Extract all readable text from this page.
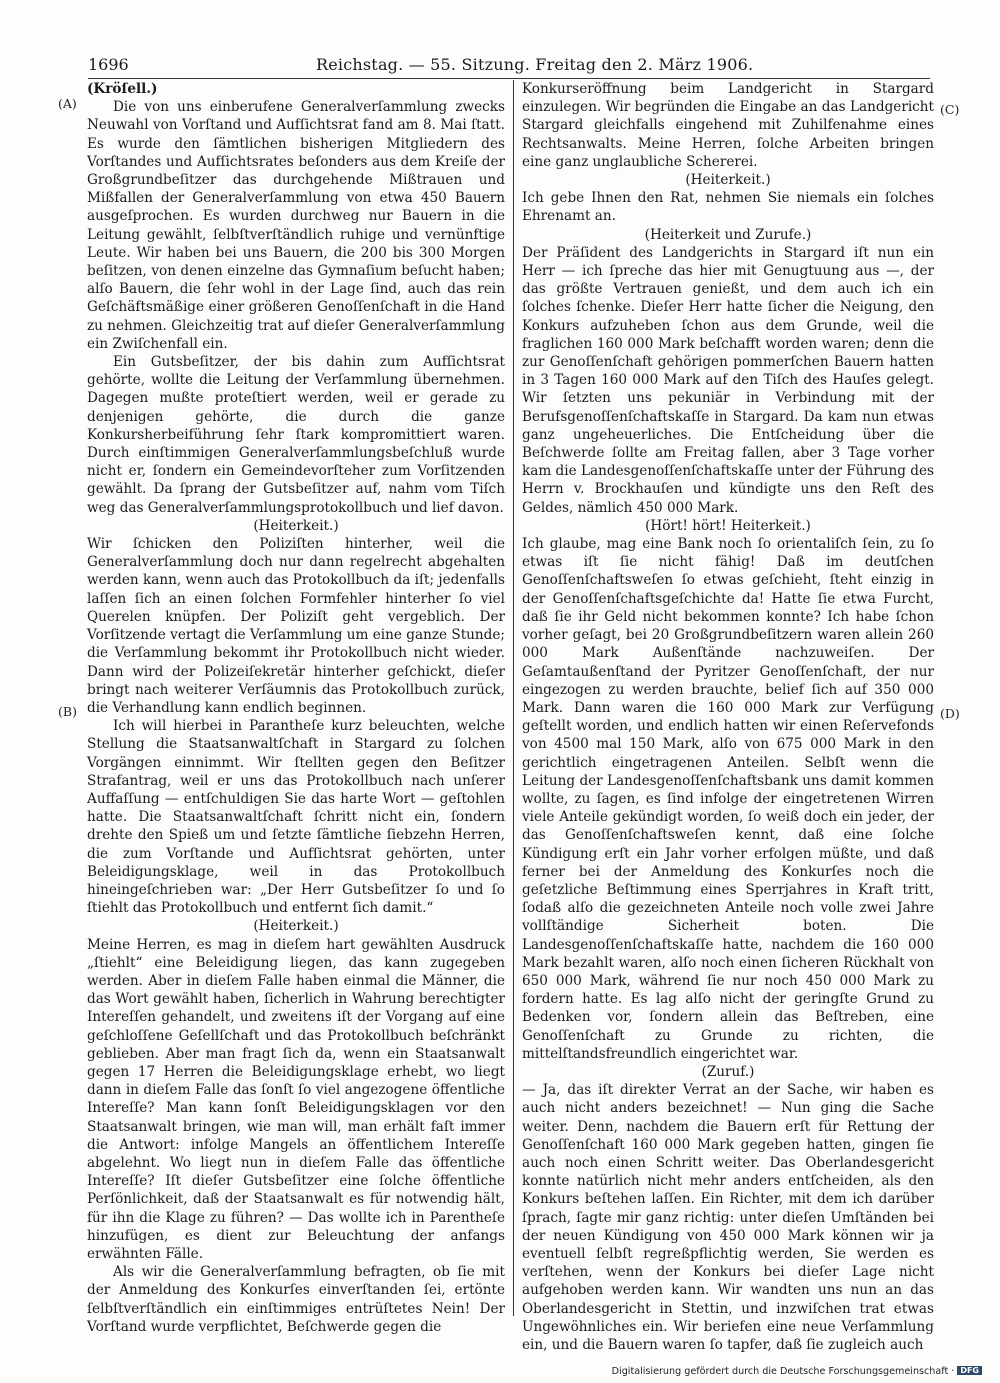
1696	Reichstag. — 55. Sitzung. Freitag den 2. März 1906.
(A)
(B)
(C)
(D)

(Kröſell.)

Die von uns einberufene Generalverſammlung zwecks Neuwahl von Vorſtand und Aufſichtsrat fand am 8. Mai ſtatt. Es wurde den ſämtlichen bisherigen Mitgliedern des Vorſtandes und Aufſichtsrates beſonders aus dem Kreiſe der Großgrundbeſitzer das durchgehende Mißtrauen und Mißfallen der Generalverſammlung von etwa 450 Bauern ausgeſprochen. Es wurden durchweg nur Bauern in die Leitung gewählt, ſelbſtverſtändlich ruhige und vernünftige Leute. Wir haben bei uns Bauern, die 200 bis 300 Morgen beſitzen, von denen einzelne das Gymnaſium beſucht haben; alſo Bauern, die ſehr wohl in der Lage ſind, auch das rein Geſchäftsmäßige einer größeren Genoſſenſchaft in die Hand zu nehmen. Gleichzeitig trat auf dieſer Generalverſammlung ein Zwiſchenfall ein.

Ein Gutsbeſitzer, der bis dahin zum Aufſichtsrat gehörte, wollte die Leitung der Verſammlung übernehmen. Dagegen mußte proteſtiert werden, weil er gerade zu denjenigen gehörte, die durch die ganze Konkursherbeiführung ſehr ſtark kompromittiert waren. Durch einſtimmigen Generalverſammlungsbeſchluß wurde nicht er, ſondern ein Gemeindevorſteher zum Vorſitzenden gewählt. Da ſprang der Gutsbeſitzer auf, nahm vom Tiſch weg das Generalverſammlungsprotokollbuch und lief davon.

(Heiterkeit.)

Wir ſchicken den Poliziſten hinterher, weil die Generalverſammlung doch nur dann regelrecht abgehalten werden kann, wenn auch das Protokollbuch da iſt; jedenfalls laſſen ſich an einen ſolchen Formfehler hinterher ſo viel Querelen knüpfen. Der Poliziſt geht vergeblich. Der Vorſitzende vertagt die Verſammlung um eine ganze Stunde; die Verſammlung bekommt ihr Protokollbuch nicht wieder. Dann wird der Polizeiſekretär hinterher geſchickt, dieſer bringt nach weiterer Verſäumnis das Protokollbuch zurück, die Verhandlung kann endlich beginnen.

Ich will hierbei in Parantheſe kurz beleuchten, welche Stellung die Staatsanwaltſchaft in Stargard zu ſolchen Vorgängen einnimmt. Wir ſtellten gegen den Beſitzer Strafantrag, weil er uns das Protokollbuch nach unſerer Auffaſſung — entſchuldigen Sie das harte Wort — geſtohlen hatte. Die Staatsanwaltſchaft ſchritt nicht ein, ſondern drehte den Spieß um und ſetzte ſämtliche ſiebzehn Herren, die zum Vorſtande und Aufſichtsrat gehörten, unter Beleidigungsklage, weil in das Protokollbuch hineingeſchrieben war: „Der Herr Gutsbeſitzer ſo und ſo ſtiehlt das Protokollbuch und entfernt ſich damit.“

(Heiterkeit.)

Meine Herren, es mag in dieſem hart gewählten Ausdruck „ſtiehlt“ eine Beleidigung liegen, das kann zugegeben werden. Aber in dieſem Falle haben einmal die Männer, die das Wort gewählt haben, ſicherlich in Wahrung berechtigter Intereſſen gehandelt, und zweitens iſt der Vorgang auf eine geſchloſſene Geſellſchaft und das Protokollbuch beſchränkt geblieben. Aber man fragt ſich da, wenn ein Staatsanwalt gegen 17 Herren die Beleidigungsklage erhebt, wo liegt dann in dieſem Falle das ſonſt ſo viel angezogene öffentliche Intereſſe? Man kann ſonſt Beleidigungsklagen vor den Staatsanwalt bringen, wie man will, man erhält faſt immer die Antwort: infolge Mangels an öffentlichem Intereſſe abgelehnt. Wo liegt nun in dieſem Falle das öffentliche Intereſſe? Iſt dieſer Gutsbeſitzer eine ſolche öffentliche Perſönlichkeit, daß der Staatsanwalt es für notwendig hält, für ihn die Klage zu führen? — Das wollte ich in Parentheſe hinzufügen, es dient zur Beleuchtung der anfangs erwähnten Fälle.

Als wir die Generalverſammlung befragten, ob ſie mit der Anmeldung des Konkurſes einverſtanden ſei, ertönte ſelbſtverſtändlich ein einſtimmiges entrüſtetes Nein! Der Vorſtand wurde verpflichtet, Beſchwerde gegen die

Konkurseröffnung beim Landgericht in Stargard einzulegen. Wir begründen die Eingabe an das Landgericht Stargard gleichfalls eingehend mit Zuhilfenahme eines Rechtsanwalts. Meine Herren, ſolche Arbeiten bringen eine ganz unglaubliche Schererei.

(Heiterkeit.)

Ich gebe Ihnen den Rat, nehmen Sie niemals ein ſolches Ehrenamt an.

(Heiterkeit und Zurufe.)

Der Präſident des Landgerichts in Stargard iſt nun ein Herr — ich ſpreche das hier mit Genugtuung aus —, der das größte Vertrauen genießt, und dem auch ich ein ſolches ſchenke. Dieſer Herr hatte ſicher die Neigung, den Konkurs aufzuheben ſchon aus dem Grunde, weil die fraglichen 160 000 Mark beſchafft worden waren; denn die zur Genoſſenſchaft gehörigen pommerſchen Bauern hatten in 3 Tagen 160 000 Mark auf den Tiſch des Hauſes gelegt. Wir ſetzten uns pekuniär in Verbindung mit der Berufsgenoſſenſchaftskaſſe in Stargard. Da kam nun etwas ganz ungeheuerliches. Die Entſcheidung über die Beſchwerde ſollte am Freitag fallen, aber 3 Tage vorher kam die Landesgenoſſenſchaftskaſſe unter der Führung des Herrn v. Brockhauſen und kündigte uns den Reſt des Geldes, nämlich 450 000 Mark.

(Hört! hört! Heiterkeit.)

Ich glaube, mag eine Bank noch ſo orientaliſch ſein, zu ſo etwas iſt ſie nicht fähig! Daß im deutſchen Genoſſenſchaftsweſen ſo etwas geſchieht, ſteht einzig in der Genoſſenſchaftsgeſchichte da! Hatte ſie etwa Furcht, daß ſie ihr Geld nicht bekommen konnte? Ich habe ſchon vorher geſagt, bei 20 Großgrundbeſitzern waren allein 260 000 Mark Außenſtände nachzuweiſen. Der Geſamtaußenſtand der Pyritzer Genoſſenſchaft, der nur eingezogen zu werden brauchte, belief ſich auf 350 000 Mark. Dann waren die 160 000 Mark zur Verfügung geſtellt worden, und endlich hatten wir einen Reſervefonds von 4500 mal 150 Mark, alſo von 675 000 Mark in den gerichtlich eingetragenen Anteilen. Selbſt wenn die Leitung der Landesgenoſſenſchaftsbank uns damit kommen wollte, zu ſagen, es ſind infolge der eingetretenen Wirren viele Anteile gekündigt worden, ſo weiß doch ein jeder, der das Genoſſenſchaftsweſen kennt, daß eine ſolche Kündigung erſt ein Jahr vorher erfolgen müßte, und daß ferner bei der Anmeldung des Konkurſes noch die geſetzliche Beſtimmung eines Sperrjahres in Kraft tritt, ſodaß alſo die gezeichneten Anteile noch volle zwei Jahre vollſtändige Sicherheit boten. Die Landesgenoſſenſchaftskaſſe hatte, nachdem die 160 000 Mark bezahlt waren, alſo noch einen ſicheren Rückhalt von 650 000 Mark, während ſie nur noch 450 000 Mark zu fordern hatte. Es lag alſo nicht der geringſte Grund zu Bedenken vor, ſondern allein das Beſtreben, eine Genoſſenſchaft zu Grunde zu richten, die mittelſtandsfreundlich eingerichtet war.

(Zuruf.)

— Ja, das iſt direkter Verrat an der Sache, wir haben es auch nicht anders bezeichnet! — Nun ging die Sache weiter. Denn, nachdem die Bauern erſt für Rettung der Genoſſenſchaft 160 000 Mark gegeben hatten, gingen ſie auch noch einen Schritt weiter. Das Oberlandesgericht konnte natürlich nicht mehr anders entſcheiden, als den Konkurs beſtehen laſſen. Ein Richter, mit dem ich darüber ſprach, ſagte mir ganz richtig: unter dieſen Umſtänden bei der neuen Kündigung von 450 000 Mark können wir ja eventuell ſelbſt regreßpflichtig werden, Sie werden es verſtehen, wenn der Konkurs bei dieſer Lage nicht aufgehoben werden kann. Wir wandten uns nun an das Oberlandesgericht in Stettin, und inzwiſchen trat etwas Ungewöhnliches ein. Wir beriefen eine neue Verſammlung ein, und die Bauern waren ſo tapfer, daß ſie zugleich auch

Digitalisierung gefördert durch die Deutsche Forschungsgemeinschaft · DFG
